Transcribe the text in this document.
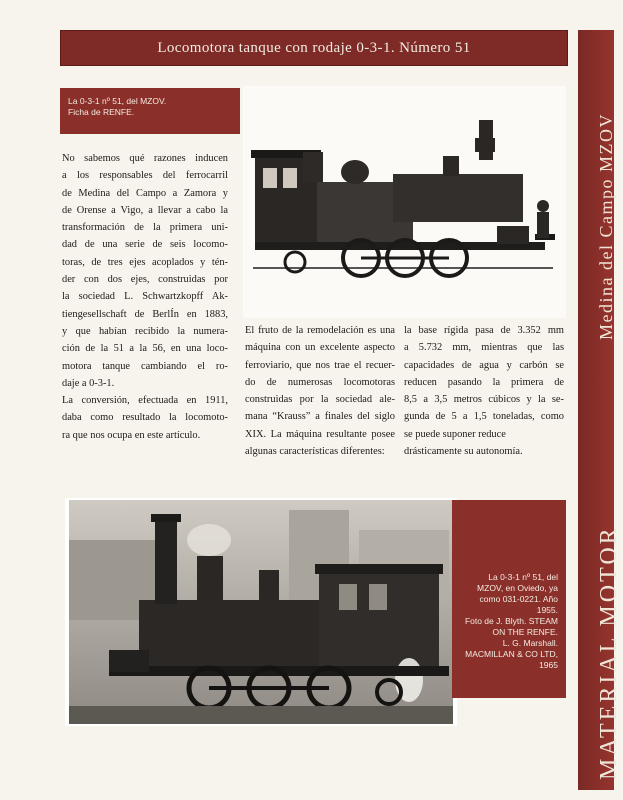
Locomotora tanque con rodaje 0-3-1. Número 51
MATERIAL MOTOR
Medina del Campo MZOV
La 0-3-1 nº 51, del MZOV.
Ficha de RENFE.
No sabemos qué razones inducen
a los responsables del ferrocarril
de Medina del Campo a Zamora y
de Orense a Vigo, a llevar a cabo la
transformación de la primera uni-
dad de una serie de seis locomo-
toras, de tres ejes acoplados y tén-
der con dos ejes, construidas por
la sociedad L. Schwartzkopff Ak-
tiengesellschaft de BerlÍn en 1883,
y que habían recibido la numera-
ción de la 51 a la 56, en una loco-
motora tanque cambiando el ro-
daje a 0-3-1.
La conversión, efectuada en 1911,
daba como resultado la locomoto-
ra que nos ocupa en este artículo.
El fruto de la remodelación es una
máquina con un excelente aspecto
ferroviario, que nos trae el recuer-
do de numerosas locomotoras
construidas por la sociedad ale-
mana “Krauss” a finales del siglo
XIX. La máquina resultante posee
algunas características diferentes:
la base rígida pasa de 3.352 mm
a 5.732 mm, mientras que las
capacidades de agua y carbón se
reducen pasando la primera de
8,5 a 3,5 metros cúbicos y la se-
gunda de 5 a 1,5 toneladas, como
se puede suponer reduce
drásticamente su autonomía.
La 0-3-1 nº 51, del
MZOV, en Oviedo, ya
como 031-0221. Año
1955.
Foto de J. Blyth. STEAM
ON THE RENFE.
L. G. Marshall.
MACMILLAN & CO LTD,
1965
